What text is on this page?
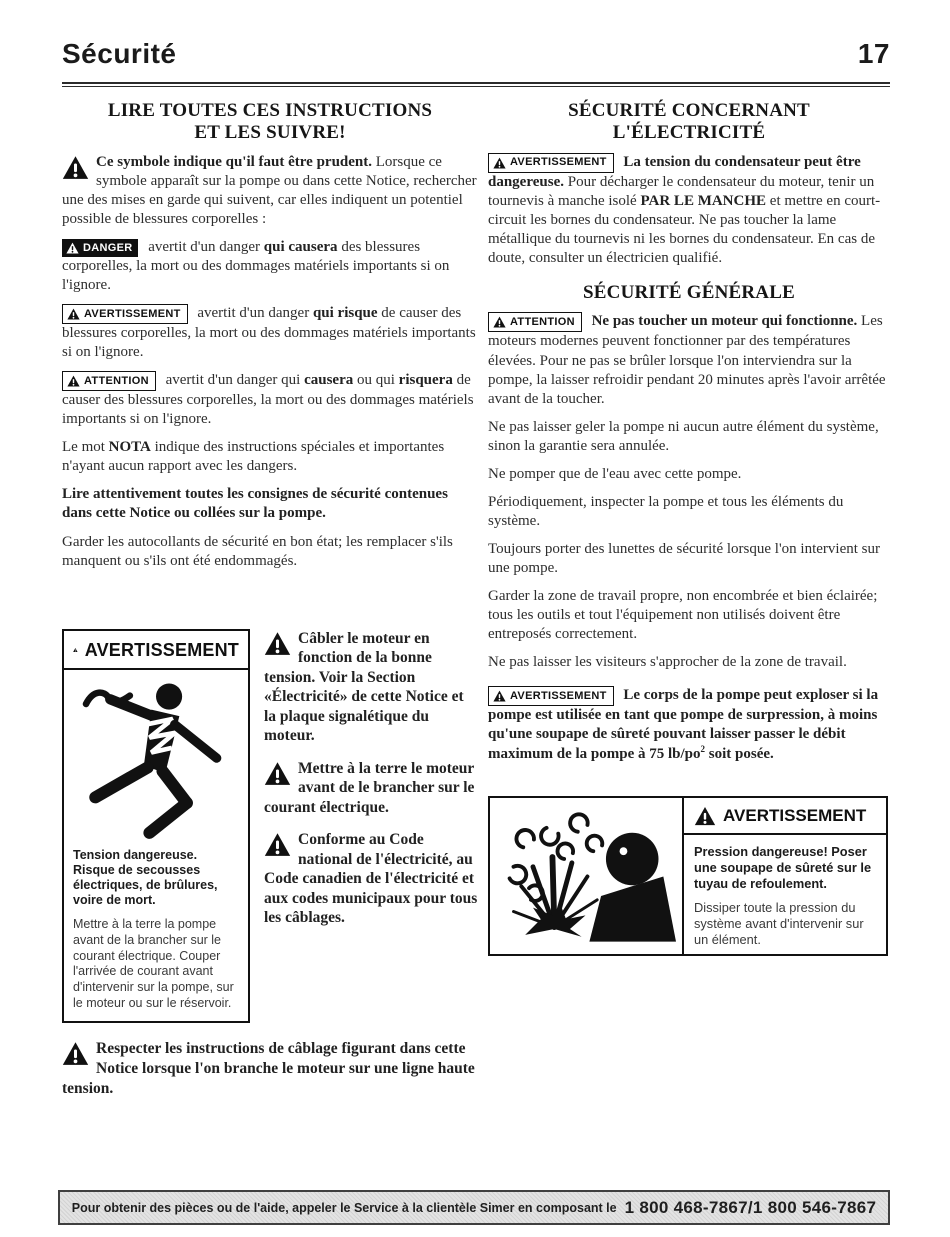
Sécurité	17
LIRE TOUTES CES INSTRUCTIONS
ET LES SUIVRE!

Ce symbole indique qu'il faut être prudent. Lorsque ce symbole apparaît sur la pompe ou dans cette Notice, rechercher une des mises en garde qui suivent, car elles indiquent un potentiel possible de blessures corporelles :

DANGER avertit d'un danger qui causera des blessures corporelles, la mort ou des dommages matériels importants si on l'ignore.

AVERTISSEMENT avertit d'un danger qui risque de causer des blessures corporelles, la mort ou des dommages matériels importants si on l'ignore.

ATTENTION avertit d'un danger qui causera ou qui risquera de causer des blessures corporelles, la mort ou des dommages matériels importants si on l'ignore.

Le mot NOTA indique des instructions spéciales et importantes n'ayant aucun rapport avec les dangers.

Lire attentivement toutes les consignes de sécurité contenues dans cette Notice ou collées sur la pompe.

Garder les autocollants de sécurité en bon état; les remplacer s'ils manquent ou s'ils ont été endommagés.

AVERTISSEMENT
Tension dangereuse. Risque de secousses électriques, de brûlures, voire de mort.
Mettre à la terre la pompe avant de la brancher sur le courant électrique. Couper l'arrivée de courant avant d'intervenir sur la pompe, sur le moteur ou sur le réservoir.

Câbler le moteur en fonction de la bonne tension. Voir la Section «Électricité» de cette Notice et la plaque signalétique du moteur.

Mettre à la terre le moteur avant de le brancher sur le courant électrique.

Conforme au Code national de l'électricité, au Code canadien de l'électricité et aux codes municipaux pour tous les câblages.

Respecter les instructions de câblage figurant dans cette Notice lorsque l'on branche le moteur sur une ligne haute tension.

SÉCURITÉ CONCERNANT
L'ÉLECTRICITÉ

AVERTISSEMENT La tension du condensateur peut être dangereuse. Pour décharger le condensateur du moteur, tenir un tournevis à manche isolé PAR LE MANCHE et mettre en court-circuit les bornes du condensateur. Ne pas toucher la lame métallique du tournevis ni les bornes du condensateur. En cas de doute, consulter un électricien qualifié.

SÉCURITÉ GÉNÉRALE

ATTENTION Ne pas toucher un moteur qui fonctionne. Les moteurs modernes peuvent fonctionner par des températures élevées. Pour ne pas se brûler lorsque l'on interviendra sur la pompe, la laisser refroidir pendant 20 minutes après l'avoir arrêtée avant de la toucher.

Ne pas laisser geler la pompe ni aucun autre élément du système, sinon la garantie sera annulée.

Ne pomper que de l'eau avec cette pompe.

Périodiquement, inspecter la pompe et tous les éléments du système.

Toujours porter des lunettes de sécurité lorsque l'on intervient sur une pompe.

Garder la zone de travail propre, non encombrée et bien éclairée; tous les outils et tout l'équipement non utilisés doivent être entreposés correctement.

Ne pas laisser les visiteurs s'approcher de la zone de travail.

AVERTISSEMENT Le corps de la pompe peut exploser si la pompe est utilisée en tant que pompe de surpression, à moins qu'une soupape de sûreté pouvant laisser passer le débit maximum de la pompe à 75 $lb/po^2$ soit posée.

AVERTISSEMENT
Pression dangereuse! Poser une soupape de sûreté sur le tuyau de refoulement.
Dissiper toute la pression du système avant d'intervenir sur un élément.
Pour obtenir des pièces ou de l'aide, appeler le Service à la clientèle Simer en composant le 1 800 468-7867/1 800 546-7867
